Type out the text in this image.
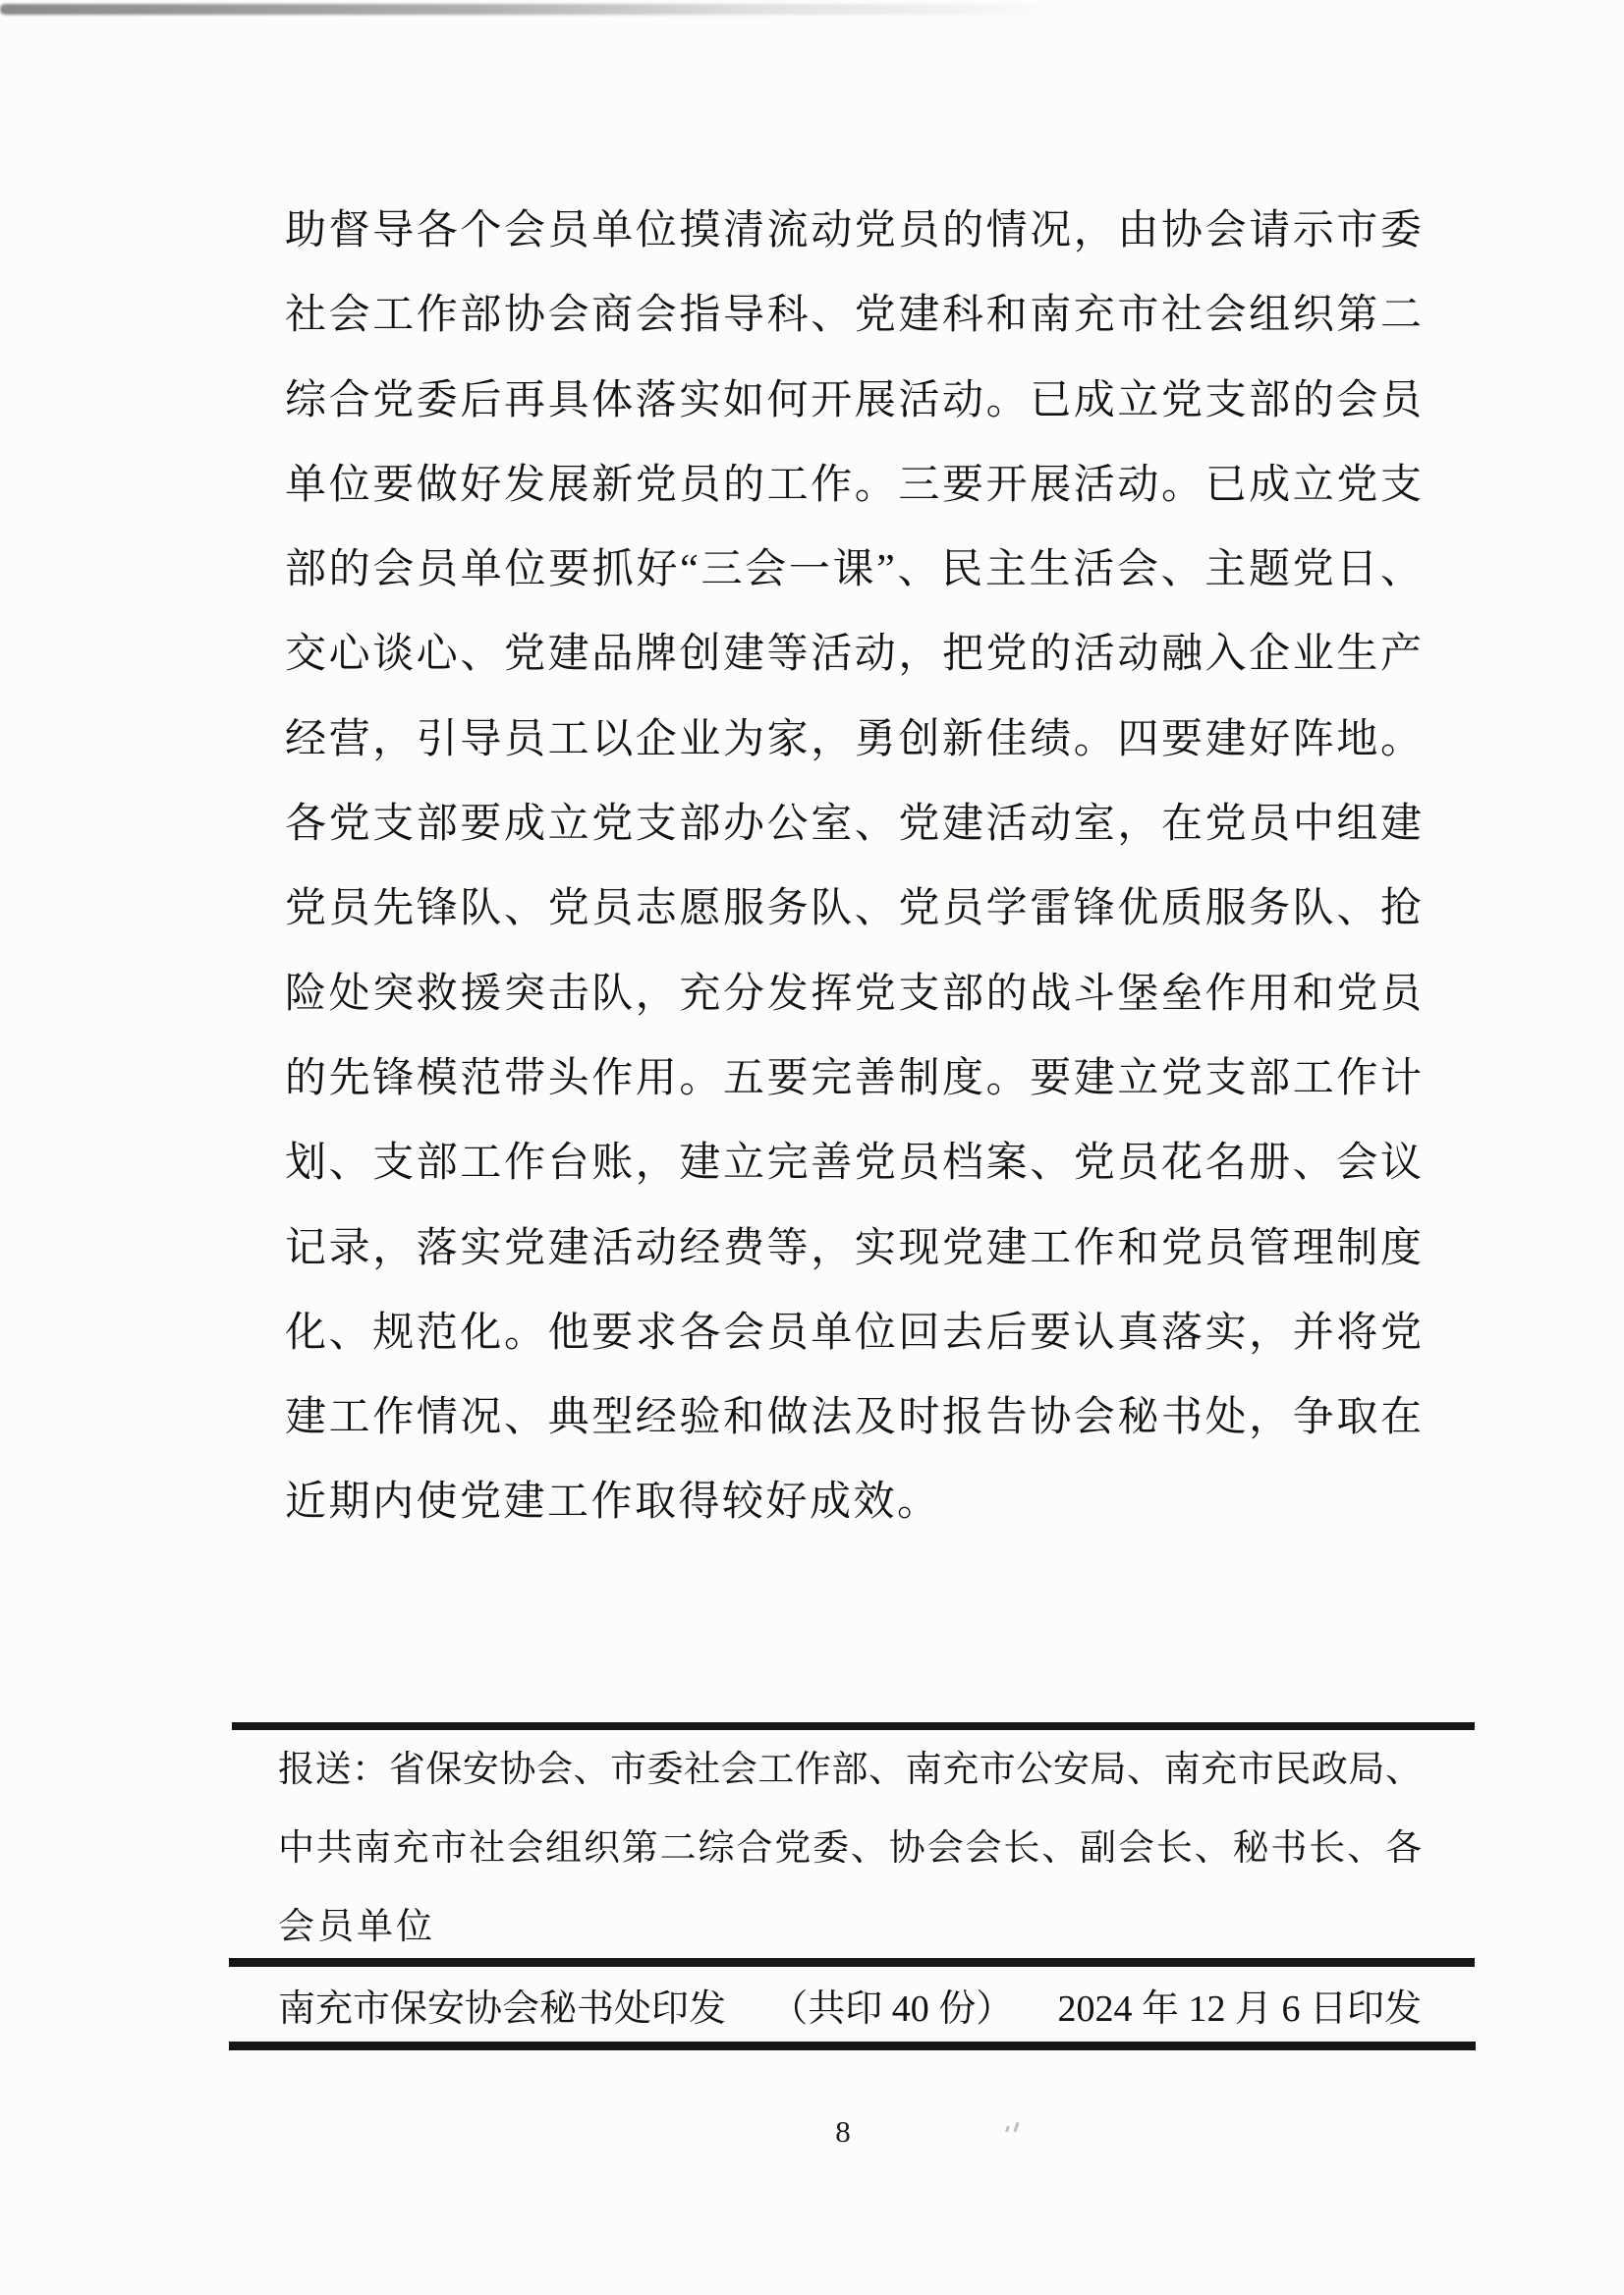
助督导各个会员单位摸清流动党员的情况，由协会请示市委
社会工作部协会商会指导科、党建科和南充市社会组织第二
综合党委后再具体落实如何开展活动。已成立党支部的会员
单位要做好发展新党员的工作。三要开展活动。已成立党支
部的会员单位要抓好“三会一课”、民主生活会、主题党日、
交心谈心、党建品牌创建等活动，把党的活动融入企业生产
经营，引导员工以企业为家，勇创新佳绩。四要建好阵地。
各党支部要成立党支部办公室、党建活动室，在党员中组建
党员先锋队、党员志愿服务队、党员学雷锋优质服务队、抢
险处突救援突击队，充分发挥党支部的战斗堡垒作用和党员
的先锋模范带头作用。五要完善制度。要建立党支部工作计
划、支部工作台账，建立完善党员档案、党员花名册、会议
记录，落实党建活动经费等，实现党建工作和党员管理制度
化、规范化。他要求各会员单位回去后要认真落实，并将党
建工作情况、典型经验和做法及时报告协会秘书处，争取在
近期内使党建工作取得较好成效。
报送：省保安协会、市委社会工作部、南充市公安局、南充市民政局、
中共南充市社会组织第二综合党委、协会会长、副会长、秘书长、各
会员单位
南充市保安协会秘书处印发 （共印 40 份） 2024 年 12 月 6 日印发
8
